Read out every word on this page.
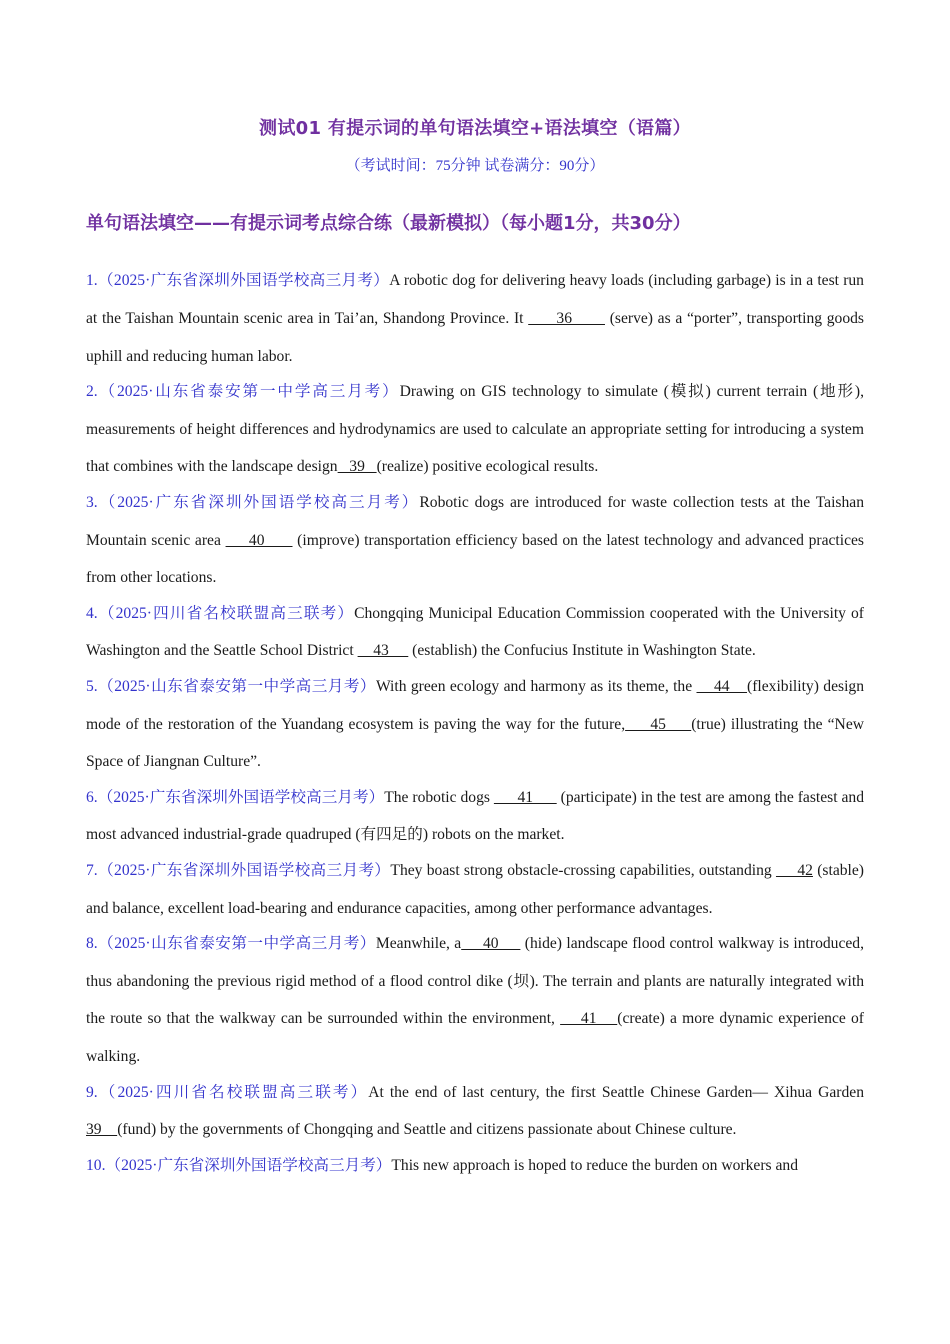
测试01 有提示词的单句语法填空+语法填空（语篇）
（考试时间：75分钟 试卷满分：90分）
单句语法填空——有提示词考点综合练（最新模拟）（每小题1分，共30分）

1.（2025·广东省深圳外国语学校高三月考）A robotic dog for delivering heavy loads (including garbage) is in a test run at the Taishan Mountain scenic area in Tai’an, Shandong Province. It       36        (serve) as a “porter”, transporting goods uphill and reducing human labor.

2.（2025·山东省泰安第一中学高三月考）Drawing on GIS technology to simulate (模拟) current terrain (地形), measurements of height differences and hydrodynamics are used to calculate an appropriate setting for introducing a system that combines with the landscape design   39   (realize) positive ecological results.

3.（2025·广东省深圳外国语学校高三月考）Robotic dogs are introduced for waste collection tests at the Taishan Mountain scenic area      40       (improve) transportation efficiency based on the latest technology and advanced practices from other locations.

4.（2025·四川省名校联盟高三联考）Chongqing Municipal Education Commission cooperated with the University of Washington and the Seattle School District     43      (establish) the Confucius Institute in Washington State.

5.（2025·山东省泰安第一中学高三月考）With green ecology and harmony as its theme, the     44    (flexibility) design mode of the restoration of the Yuandang ecosystem is paving the way for the future,     45     (true) illustrating the “New Space of Jiangnan Culture”.

6.（2025·广东省深圳外国语学校高三月考）The robotic dogs       41       (participate) in the test are among the fastest and most advanced industrial-grade quadruped (有四足的) robots on the market.

7.（2025·广东省深圳外国语学校高三月考）They boast strong obstacle-crossing capabilities, outstanding      42 (stable) and balance, excellent load-bearing and endurance capacities, among other performance advantages.

8.（2025·山东省泰安第一中学高三月考）Meanwhile, a     40      (hide) landscape flood control walkway is introduced, thus abandoning the previous rigid method of a flood control dike (坝). The terrain and plants are naturally integrated with the route so that the walkway can be surrounded within the environment,     41    (create) a more dynamic experience of walking.

9.（2025·四川省名校联盟高三联考）At the end of last century, the first Seattle Chinese Garden— Xihua Garden 39    (fund) by the governments of Chongqing and Seattle and citizens passionate about Chinese culture.

10.（2025·广东省深圳外国语学校高三月考）This new approach is hoped to reduce the burden on workers and
